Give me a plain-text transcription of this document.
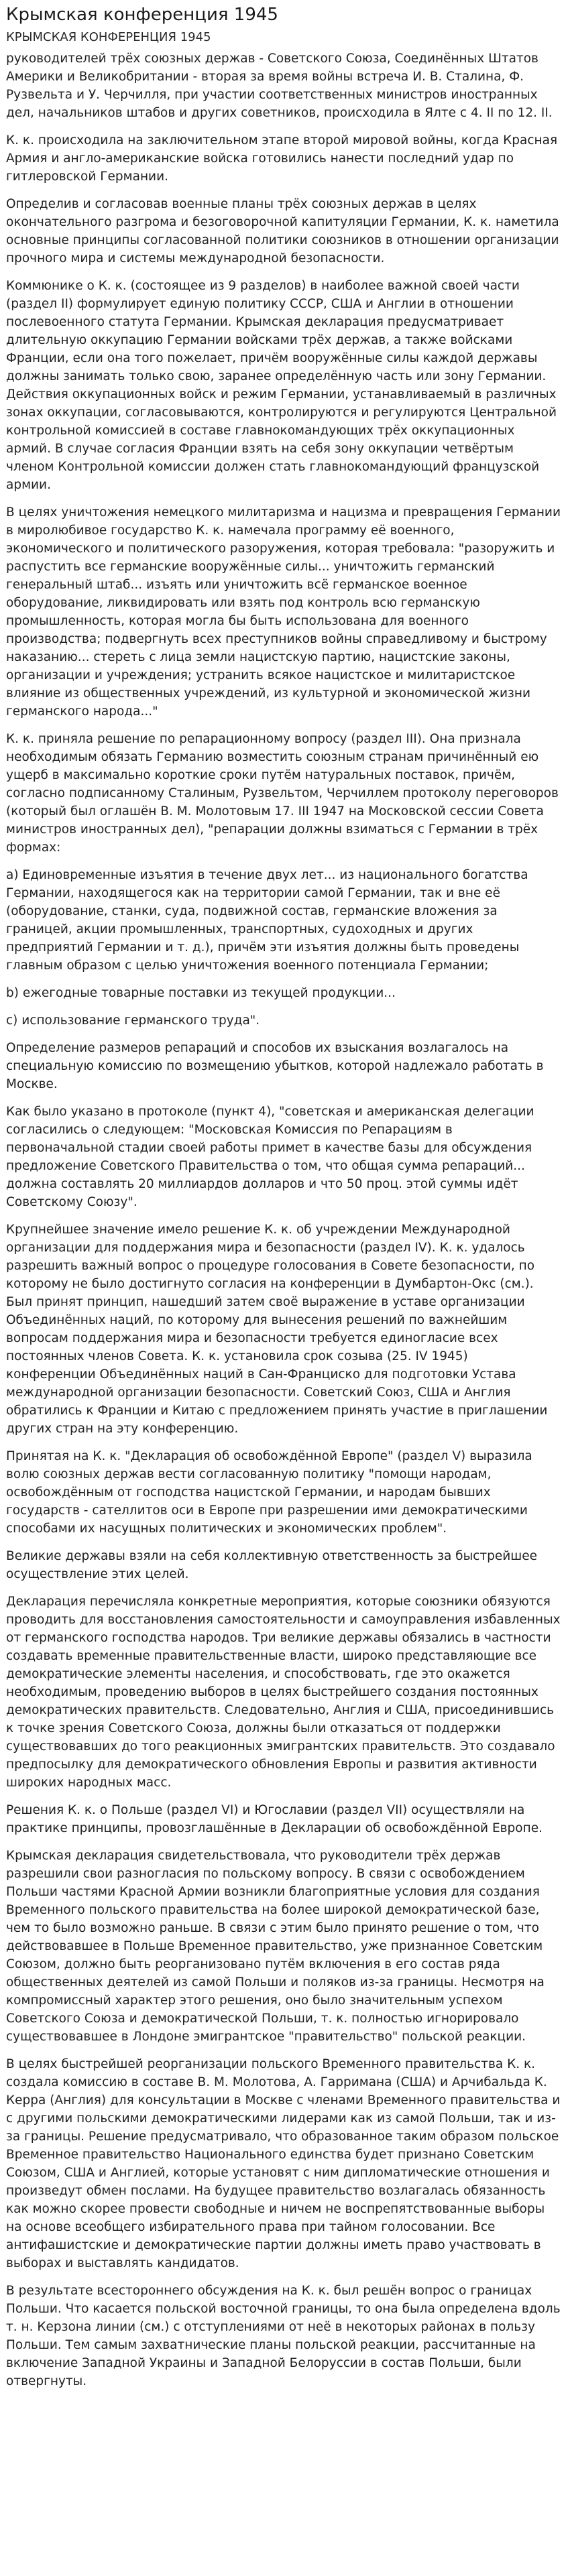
Крымская конференция 1945
КРЫМСКАЯ КОНФЕРЕНЦИЯ 1945

руководителей трёх союзных держав - Советского Союза, Соединённых Штатов Америки и Великобритании - вторая за время войны встреча И. В. Сталина, Ф. Рузвельта и У. Черчилля, при участии соответственных министров иностранных дел, начальников штабов и других советников, происходила в Ялте с 4. II по 12. II.

К. к. происходила на заключительном этапе второй мировой войны, когда Красная Армия и англо-американские войска готовились нанести последний удар по гитлеровской Германии.

Определив и согласовав военные планы трёх союзных держав в целях окончательного разгрома и безоговорочной капитуляции Германии, К. к. наметила основные принципы согласованной политики союзников в отношении организации прочного мира и системы международной безопасности.

Коммюнике о К. к. (состоящее из 9 разделов) в наиболее важной своей части (раздел II) формулирует единую политику СССР, США и Англии в отношении послевоенного статута Германии. Крымская декларация предусматривает длительную оккупацию Германии войсками трёх держав, а также войсками Франции, если она того пожелает, причём вооружённые силы каждой державы должны занимать только свою, заранее определённую часть или зону Германии. Действия оккупационных войск и режим Германии, устанавливаемый в различных зонах оккупации, согласовываются, контролируются и регулируются Центральной контрольной комиссией в составе главнокомандующих трёх оккупационных армий. В случае согласия Франции взять на себя зону оккупации четвёртым членом Контрольной комиссии должен стать главнокомандующий французской армии.

В целях уничтожения немецкого милитаризма и нацизма и превращения Германии в миролюбивое государство К. к. намечала программу её военного, экономического и политического разоружения, которая требовала: "разоружить и распустить все германские вооружённые силы... уничтожить германский генеральный штаб... изъять или уничтожить всё германское военное оборудование, ликвидировать или взять под контроль всю германскую промышленность, которая могла бы быть использована для военного производства; подвергнуть всех преступников войны справедливому и быстрому наказанию... стереть с лица земли нацистскую партию, нацистские законы, организации и учреждения; устранить всякое нацистское и милитаристское влияние из общественных учреждений, из культурной и экономической жизни германского народа..."

К. к. приняла решение по репарационному вопросу (раздел III). Она признала необходимым обязать Германию возместить союзным странам причинённый ею ущерб в максимально короткие сроки путём натуральных поставок, причём, согласно подписанному Сталиным, Рузвельтом, Черчиллем протоколу переговоров (который был оглашён В. М. Молотовым 17. III 1947 на Московской сессии Совета министров иностранных дел), "репарации должны взиматься с Германии в трёх формах:

а) Единовременные изъятия в течение двух лет... из национального богатства Германии, находящегося как на территории самой Германии, так и вне её (оборудование, станки, суда, подвижной состав, германские вложения за границей, акции промышленных, транспортных, судоходных и других предприятий Германии и т. д.), причём эти изъятия должны быть проведены главным образом с целью уничтожения военного потенциала Германии;

b) ежегодные товарные поставки из текущей продукции...

c) использование германского труда".

Определение размеров репараций и способов их взыскания возлагалось на специальную комиссию по возмещению убытков, которой надлежало работать в Москве.

Как было указано в протоколе (пункт 4), "советская и американская делегации согласились о следующем: "Московская Комиссия по Репарациям в первоначальной стадии своей работы примет в качестве базы для обсуждения предложение Советского Правительства о том, что общая сумма репараций... должна составлять 20 миллиардов долларов и что 50 проц. этой суммы идёт Советскому Союзу".

Крупнейшее значение имело решение К. к. об учреждении Международной организации для поддержания мира и безопасности (раздел IV). К. к. удалось разрешить важный вопрос о процедуре голосования в Совете безопасности, по которому не было достигнуто согласия на конференции в Думбартон-Окс (см.). Был принят принцип, нашедший затем своё выражение в уставе организации Объединённых наций, по которому для вынесения решений по важнейшим вопросам поддержания мира и безопасности требуется единогласие всех постоянных членов Совета. К. к. установила срок созыва (25. IV 1945) конференции Объединённых наций в Сан-Франциско для подготовки Устава международной организации безопасности. Советский Союз, США и Англия обратились к Франции и Китаю с предложением принять участие в приглашении других стран на эту конференцию.

Принятая на К. к. "Декларация об освобождённой Европе" (раздел V) выразила волю союзных держав вести согласованную политику "помощи народам, освобождённым от господства нацистской Германии, и народам бывших государств - сателлитов оси в Европе при разрешении ими демократическими способами их насущных политических и экономических проблем".

Великие державы взяли на себя коллективную ответственность за быстрейшее осуществление этих целей.

Декларация перечисляла конкретные мероприятия, которые союзники обязуются проводить для восстановления самостоятельности и самоуправления избавленных от германского господства народов. Три великие державы обязались в частности создавать временные правительственные власти, широко представляющие все демократические элементы населения, и способствовать, где это окажется необходимым, проведению выборов в целях быстрейшего создания постоянных демократических правительств. Следовательно, Англия и США, присоединившись к точке зрения Советского Союза, должны были отказаться от поддержки существовавших до того реакционных эмигрантских правительств. Это создавало предпосылку для демократического обновления Европы и развития активности широких народных масс.

Решения К. к. о Польше (раздел VI) и Югославии (раздел VII) осуществляли на практике принципы, провозглашённые в Декларации об освобождённой Европе.

Крымская декларация свидетельствовала, что руководители трёх держав разрешили свои разногласия по польскому вопросу. В связи с освобождением Польши частями Красной Армии возникли благоприятные условия для создания Временного польского правительства на более широкой демократической базе, чем то было возможно раньше. В связи с этим было принято решение о том, что действовавшее в Польше Временное правительство, уже признанное Советским Союзом, должно быть реорганизовано путём включения в его состав ряда общественных деятелей из самой Польши и поляков из-за границы. Несмотря на компромиссный характер этого решения, оно было значительным успехом Советского Союза и демократической Польши, т. к. полностью игнорировало существовавшее в Лондоне эмигрантское "правительство" польской реакции.

В целях быстрейшей реорганизации польского Временного правительства К. к. создала комиссию в составе В. М. Молотова, А. Гарримана (США) и Арчибальда К. Керра (Англия) для консультации в Москве с членами Временного правительства и с другими польскими демократическими лидерами как из самой Польши, так и из-за границы. Решение предусматривало, что образованное таким образом польское Временное правительство Национального единства будет признано Советским Союзом, США и Англией, которые установят с ним дипломатические отношения и произведут обмен послами. На будущее правительство возлагалась обязанность как можно скорее провести свободные и ничем не воспрепятствованные выборы на основе всеобщего избирательного права при тайном голосовании. Все антифашистские и демократические партии должны иметь право участвовать в выборах и выставлять кандидатов.

В результате всестороннего обсуждения на К. к. был решён вопрос о границах Польши. Что касается польской восточной границы, то она была определена вдоль т. н. Керзона линии (см.) с отступлениями от неё в некоторых районах в пользу Польши. Тем самым захватнические планы польской реакции, рассчитанные на включение Западной Украины и Западной Белоруссии в состав Польши, были отвергнуты.
